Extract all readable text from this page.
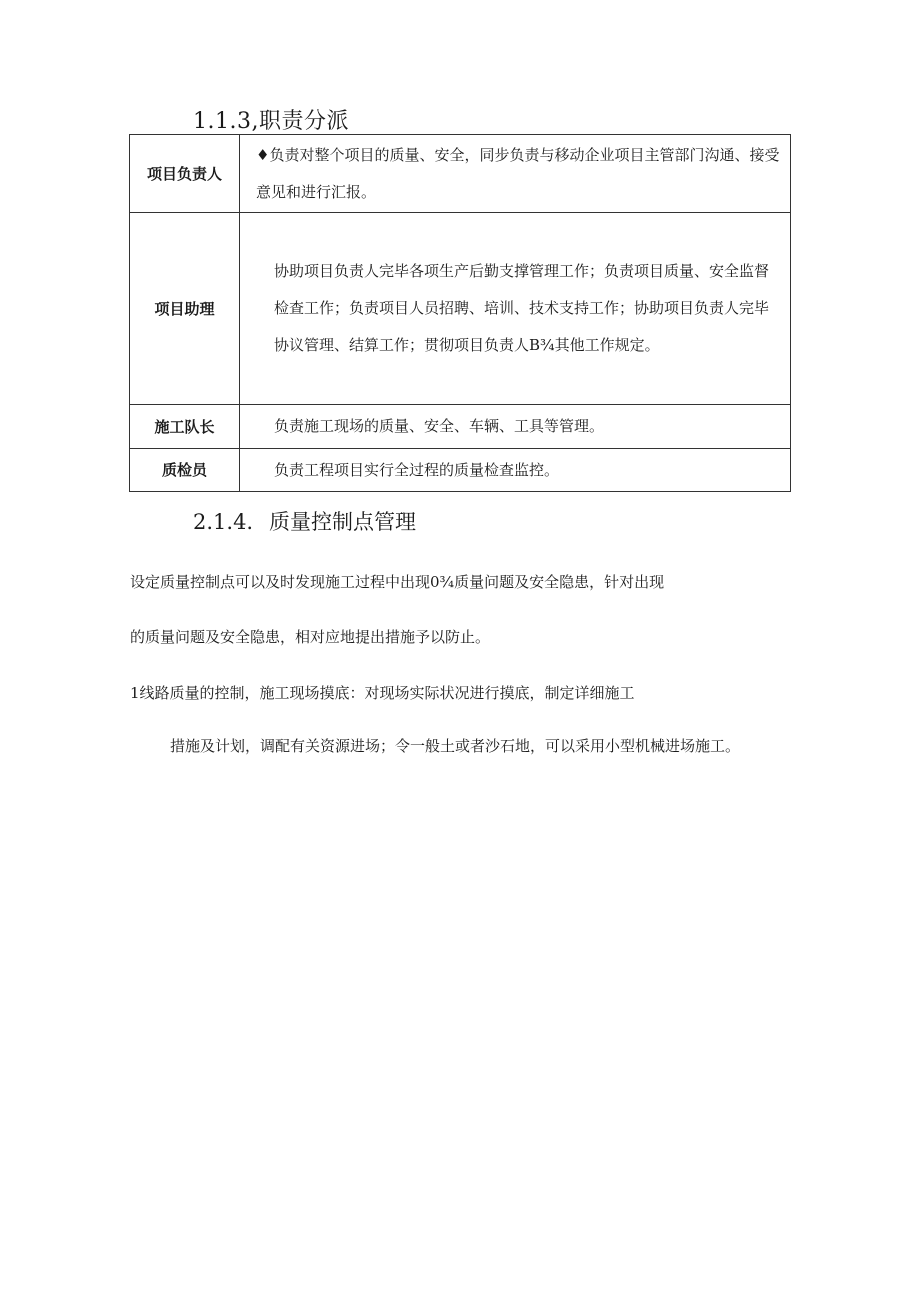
1.1.3,职责分派
项目负责人	♦负责对整个项目的质量、安全，同步负责与移动企业项目主管部门沟通、接受意见和进行汇报。
项目助理	协助项目负责人完毕各项生产后勤支撑管理工作；负责项目质量、安全监督检查工作；负责项目人员招聘、培训、技术支持工作；协助项目负责人完毕协议管理、结算工作；贯彻项目负责人B¾其他工作规定。
施工队长	负责施工现场的质量、安全、车辆、工具等管理。
质检员	负责工程项目实行全过程的质量检查监控。
2.1.4. 质量控制点管理
设定质量控制点可以及时发现施工过程中出现0¾质量问题及安全隐患，针对出现
的质量问题及安全隐患，相对应地提出措施予以防止。
1线路质量的控制，施工现场摸底：对现场实际状况进行摸底，制定详细施工
措施及计划，调配有关资源进场；令一般土或者沙石地，可以采用小型机械进场施工。
